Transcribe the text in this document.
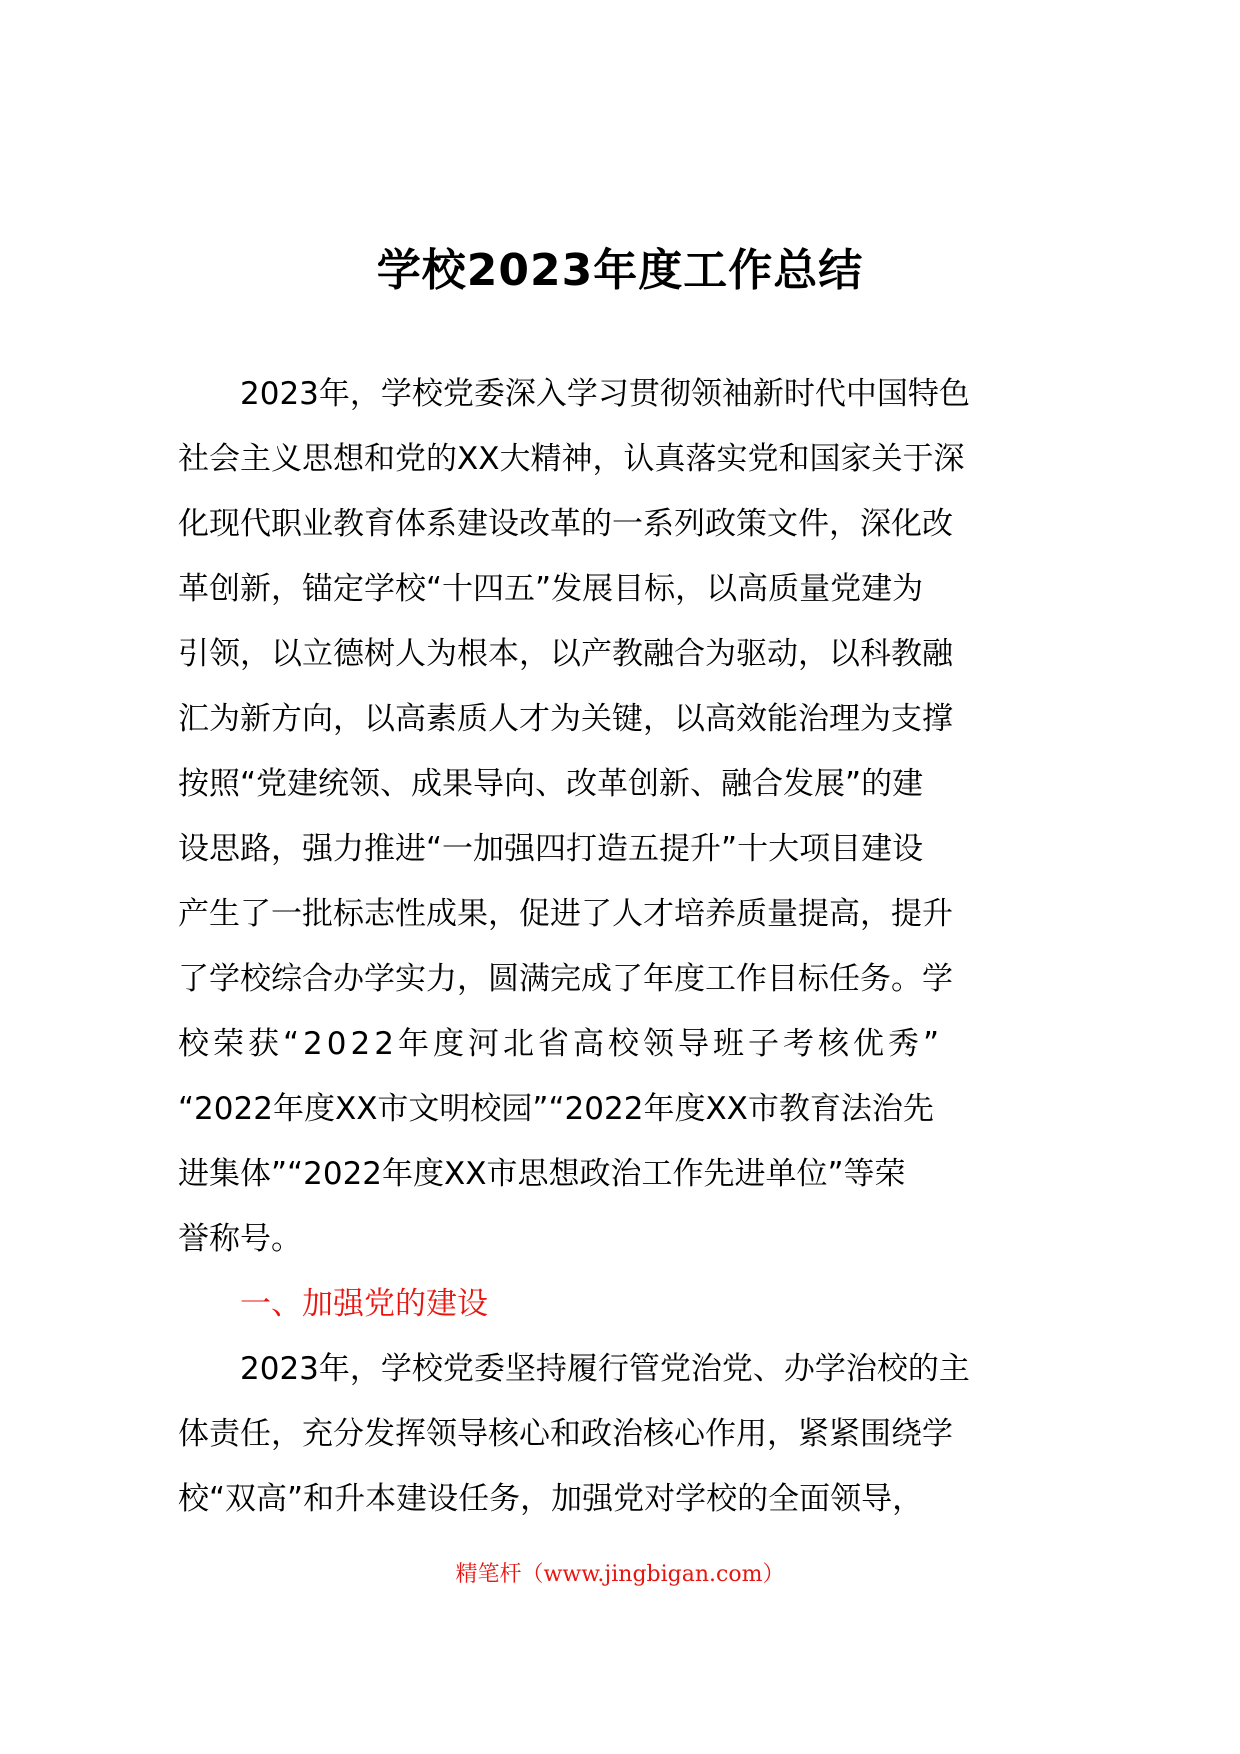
学校2023年度工作总结
2023年，学校党委深入学习贯彻领袖新时代中国特色
社会主义思想和党的XX大精神，认真落实党和国家关于深
化现代职业教育体系建设改革的一系列政策文件，深化改
革创新，锚定学校“十四五”发展目标，以高质量党建为
引领，以立德树人为根本，以产教融合为驱动，以科教融
汇为新方向，以高素质人才为关键，以高效能治理为支撑
按照“党建统领、成果导向、改革创新、融合发展”的建
设思路，强力推进“一加强四打造五提升”十大项目建设
产生了一批标志性成果，促进了人才培养质量提高，提升
了学校综合办学实力，圆满完成了年度工作目标任务。学
校荣获“2022年度河北省高校领导班子考核优秀”
“2022年度XX市文明校园”“2022年度XX市教育法治先
进集体”“2022年度XX市思想政治工作先进单位”等荣
誉称号。
一、加强党的建设
2023年，学校党委坚持履行管党治党、办学治校的主
体责任，充分发挥领导核心和政治核心作用，紧紧围绕学
校“双高”和升本建设任务，加强党对学校的全面领导，
精笔杆（www.jingbigan.com）
